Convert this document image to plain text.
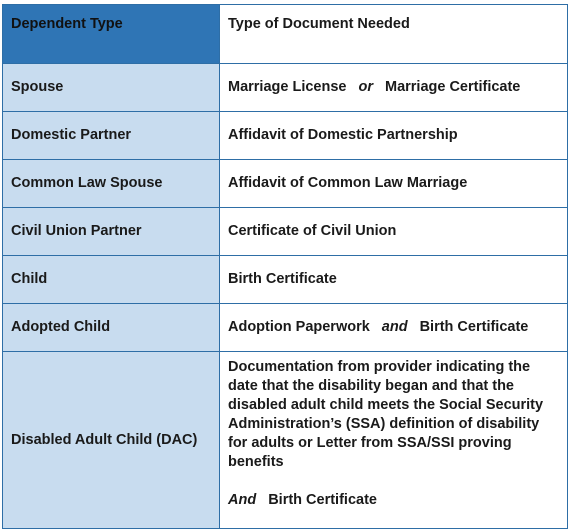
Dependent Type	Type of Document Needed
Spouse	Marriage License or Marriage Certificate
Domestic Partner	Affidavit of Domestic Partnership
Common Law Spouse	Affidavit of Common Law Marriage
Civil Union Partner	Certificate of Civil Union
Child	Birth Certificate
Adopted Child	Adoption Paperwork and Birth Certificate
Disabled Adult Child (DAC)	Documentation from provider indicating the date that the disability began and that the disabled adult child meets the Social Security Administration’s (SSA) definition of disability for adults or Letter from SSA/SSI proving benefits
And Birth Certificate
